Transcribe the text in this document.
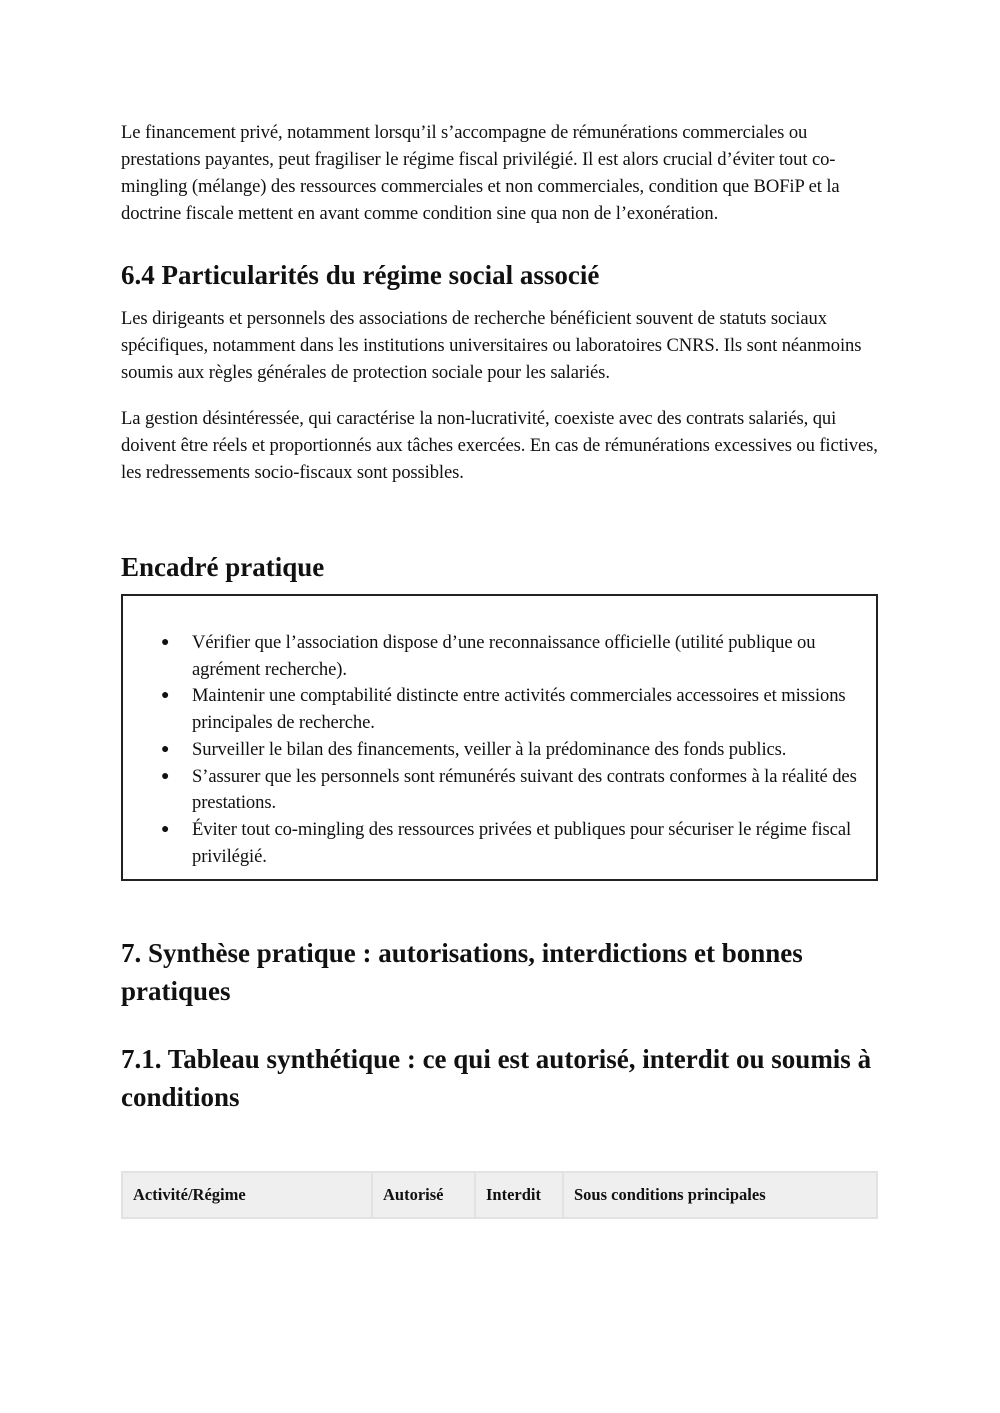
Le financement privé, notamment lorsqu’il s’accompagne de rémunérations commerciales ou prestations payantes, peut fragiliser le régime fiscal privilégié. Il est alors crucial d’éviter tout co-mingling (mélange) des ressources commerciales et non commerciales, condition que BOFiP et la doctrine fiscale mettent en avant comme condition sine qua non de l’exonération.

6.4 Particularités du régime social associé

Les dirigeants et personnels des associations de recherche bénéficient souvent de statuts sociaux spécifiques, notamment dans les institutions universitaires ou laboratoires CNRS. Ils sont néanmoins soumis aux règles générales de protection sociale pour les salariés.

La gestion désintéressée, qui caractérise la non-lucrativité, coexiste avec des contrats salariés, qui doivent être réels et proportionnés aux tâches exercées. En cas de rémunérations excessives ou fictives, les redressements socio-fiscaux sont possibles.

Encadré pratique
● Vérifier que l’association dispose d’une reconnaissance officielle (utilité publique ou agrément recherche).
● Maintenir une comptabilité distincte entre activités commerciales accessoires et missions principales de recherche.
● Surveiller le bilan des financements, veiller à la prédominance des fonds publics.
● S’assurer que les personnels sont rémunérés suivant des contrats conformes à la réalité des prestations.
● Éviter tout co-mingling des ressources privées et publiques pour sécuriser le régime fiscal privilégié.
7. Synthèse pratique : autorisations, interdictions et bonnes pratiques
7.1. Tableau synthétique : ce qui est autorisé, interdit ou soumis à conditions
Activité/Régime	Autorisé	Interdit	Sous conditions principales
